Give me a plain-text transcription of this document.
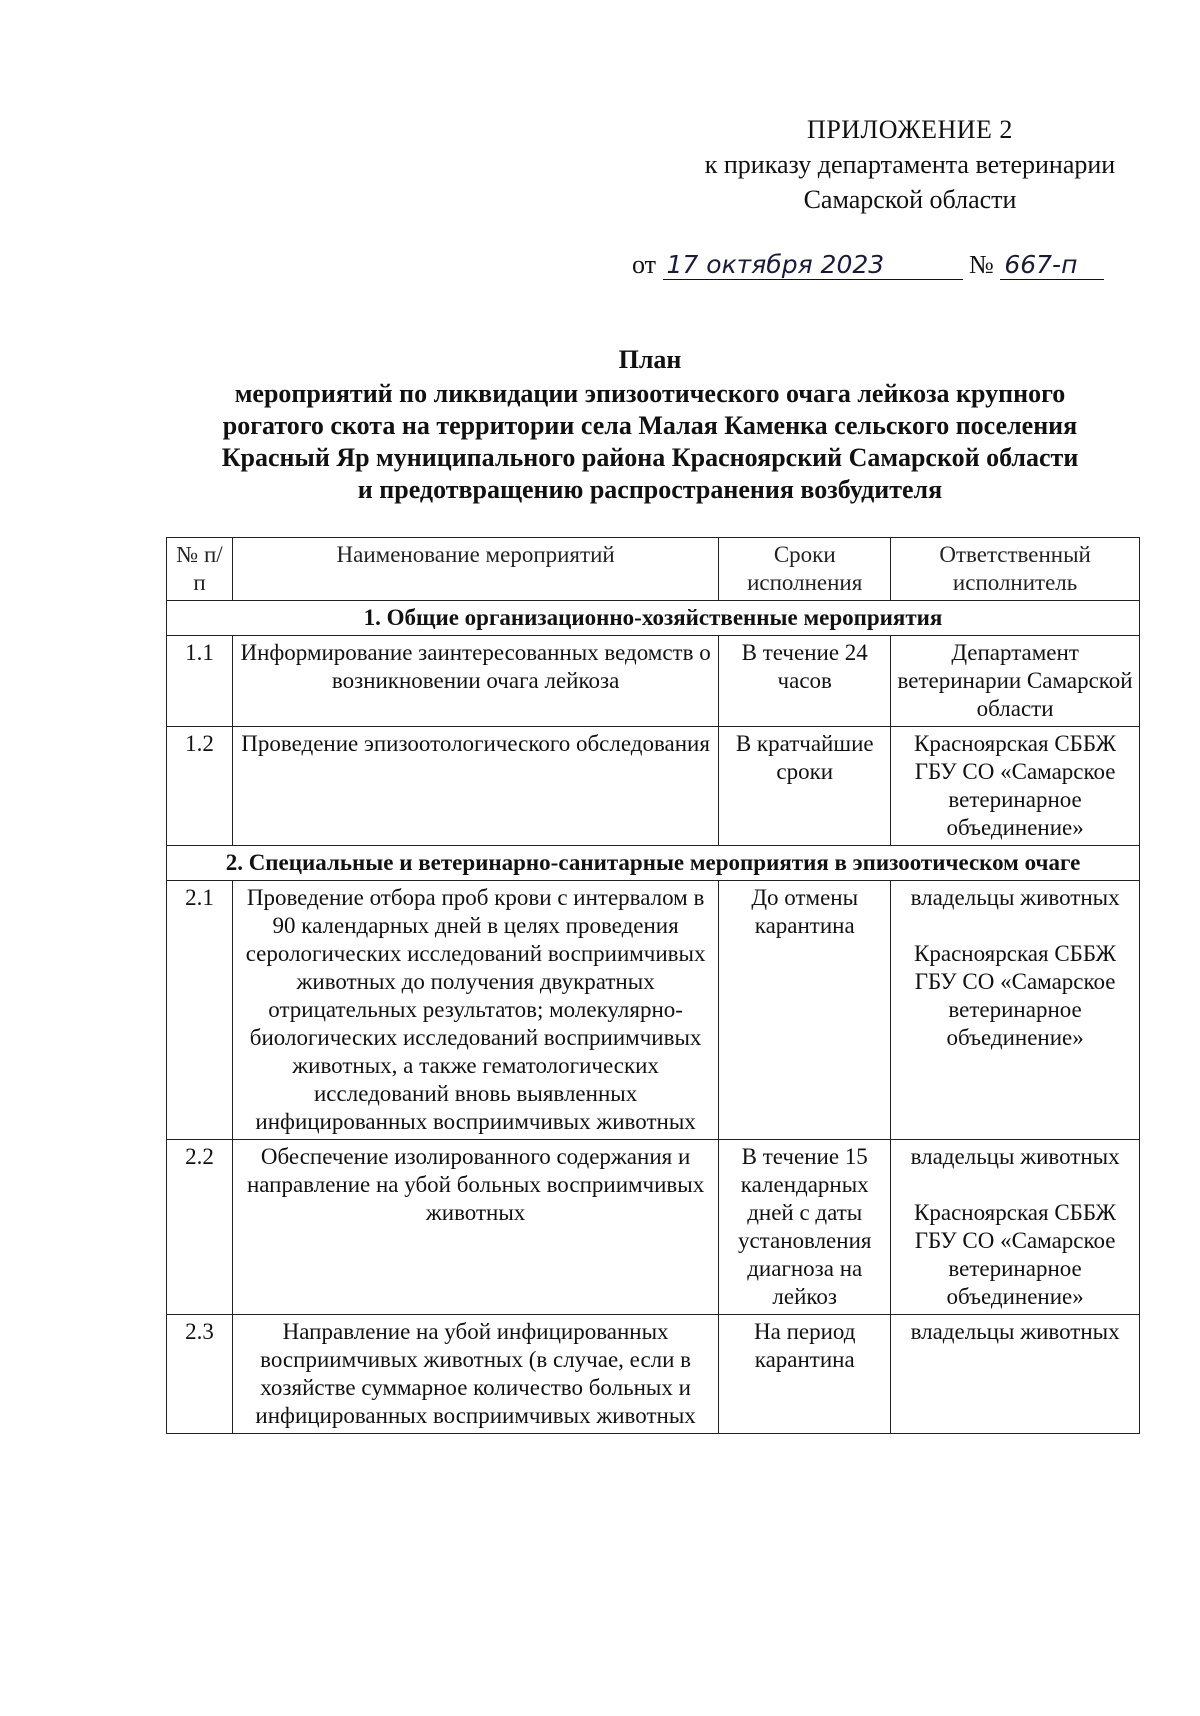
ПРИЛОЖЕНИЕ 2
к приказу департамента ветеринарии
Самарской области
от 17 октября 2023	№ 667-п
План
мероприятий по ликвидации эпизоотического очага лейкоза крупного
рогатого скота на территории села Малая Каменка сельского поселения
Красный Яр муниципального района Красноярский Самарской области
и предотвращению распространения возбудителя
№ п/п	Наименование мероприятий	Сроки исполнения	Ответственный исполнитель
1. Общие организационно-хозяйственные мероприятия			
1.1	Информирование заинтересованных ведомств о возникновении очага лейкоза	В течение 24 часов	Департамент ветеринарии Самарской области

1.2	Проведение эпизоотологического обследования	В кратчайшие сроки	Красноярская СББЖ ГБУ СО «Самарское ветеринарное объединение»

2. Специальные и ветеринарно-санитарные мероприятия в эпизоотическом очаге			
2.1	Проведение отбора проб крови с интервалом в 90 календарных дней в целях проведения серологических исследований восприимчивых животных до получения двукратных отрицательных результатов; молекулярно-биологических исследований восприимчивых животных, а также гематологических исследований вновь выявленных инфицированных восприимчивых животных	До отмены карантина	владельцы животных

Красноярская СББЖ ГБУ СО «Самарское ветеринарное объединение»

2.2	Обеспечение изолированного содержания и направление на убой больных восприимчивых животных	В течение 15 календарных дней с даты установления диагноза на лейкоз	владельцы животных

Красноярская СББЖ ГБУ СО «Самарское ветеринарное объединение»

2.3	Направление на убой инфицированных восприимчивых животных (в случае, если в хозяйстве суммарное количество больных и инфицированных восприимчивых животных	На период карантина	владельцы животных
